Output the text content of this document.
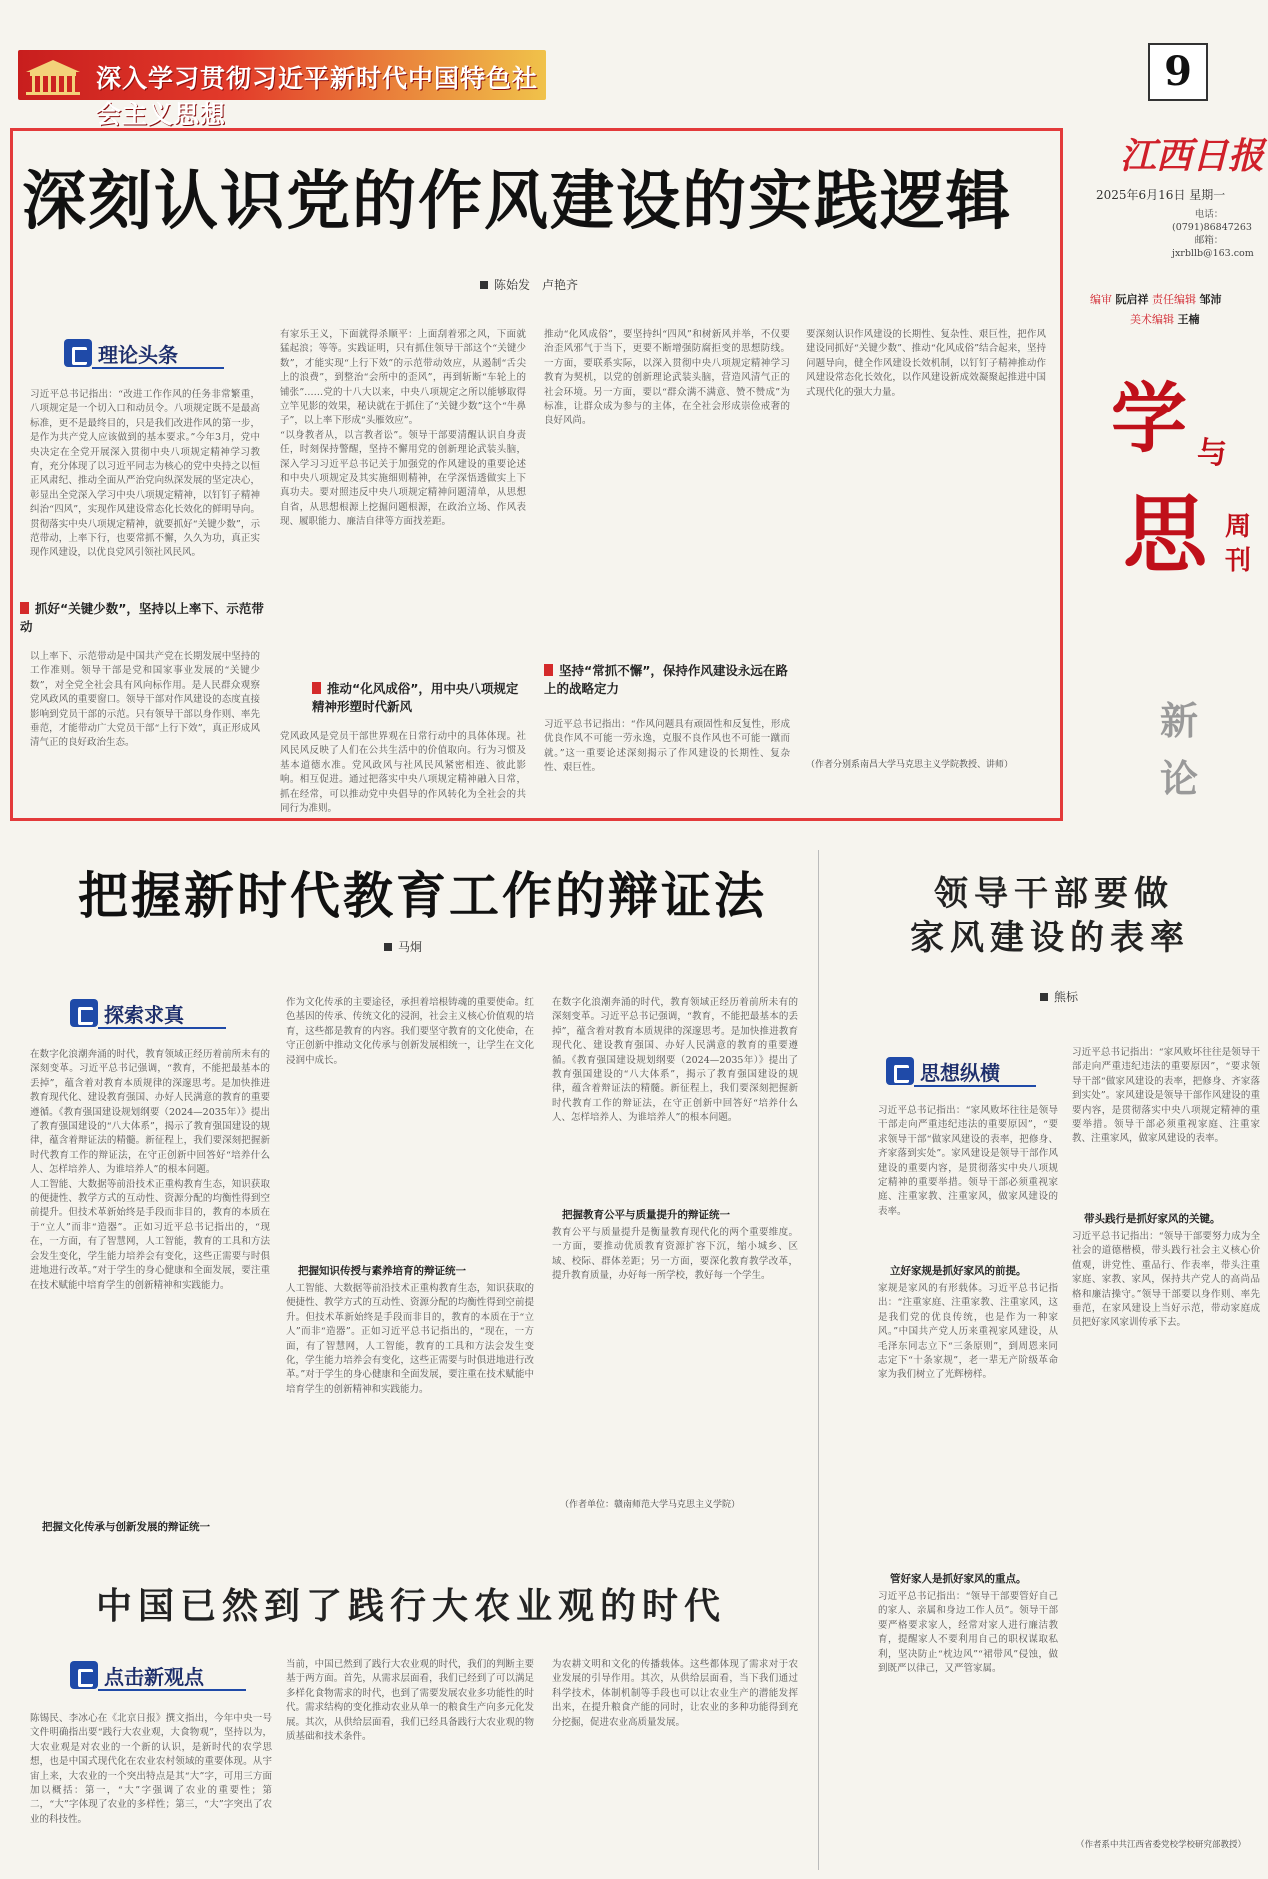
深入学习贯彻习近平新时代中国特色社会主义思想
9
江西日报
2025年6月16日 星期一
电话：
(0791)86847263
邮箱：
jxrbllb@163.com
编审 阮启祥 责任编辑 邹沛
美术编辑 王楠
学 与
思 周
刊
新
论
深刻认识党的作风建设的实践逻辑
陈始发　卢艳齐
理论头条
习近平总书记指出：“改进工作作风的任务非常繁重，八项规定是一个切入口和动员令。八项规定既不是最高标准，更不是最终目的，只是我们改进作风的第一步，是作为共产党人应该做到的基本要求。”今年3月，党中央决定在全党开展深入贯彻中央八项规定精神学习教育，充分体现了以习近平同志为核心的党中央持之以恒正风肃纪、推动全面从严治党向纵深发展的坚定决心，彰显出全党深入学习中央八项规定精神，以钉钉子精神纠治“四风”，实现作风建设常态化长效化的鲜明导向。贯彻落实中央八项规定精神，就要抓好“关键少数”，示范带动，上率下行，也要常抓不懈，久久为功，真正实现作风建设，以优良党风引领社风民风。
抓好“关键少数”，坚持以上率下、示范带动
以上率下、示范带动是中国共产党在长期发展中坚持的工作准则。领导干部是党和国家事业发展的“关键少数”，对全党全社会具有风向标作用。是人民群众观察党风政风的重要窗口。领导干部对作风建设的态度直接影响到党员干部的示范。只有领导干部以身作则、率先垂范，才能带动广大党员干部“上行下效”，真正形成风清气正的良好政治生态。
有家乐王义，下面就得杀顺平：上面刮着邪之风，下面就猛起浪；等等。实践证明，只有抓住领导干部这个“关键少数”，才能实现“上行下效”的示范带动效应，从遏制“舌尖上的浪费”，到整治“会所中的歪风”，再到斩断“车轮上的铺张”……党的十八大以来，中央八项规定之所以能够取得立竿见影的效果，秘诀就在于抓住了“关键少数”这个“牛鼻子”，以上率下形成“头雁效应”。
“以身教者从，以言教者讼”。领导干部要清醒认识自身责任，时刻保持警醒，坚持不懈用党的创新理论武装头脑，深入学习习近平总书记关于加强党的作风建设的重要论述和中央八项规定及其实施细则精神，在学深悟透做实上下真功夫。要对照违反中央八项规定精神问题清单，从思想自省，从思想根源上挖掘问题根源，在政治立场、作风表现、履职能力、廉洁自律等方面找差距。
推动“化风成俗”，用中央八项规定精神形塑时代新风
党风政风是党员干部世界观在日常行动中的具体体现。社风民风反映了人们在公共生活中的价值取向。行为习惯及基本道德水准。党风政风与社风民风紧密相连、彼此影响。相互促进。通过把落实中央八项规定精神融入日常，抓在经常，可以推动党中央倡导的作风转化为全社会的共同行为准则。
推动“化风成俗”，要坚持纠“四风”和树新风并举，不仅要治歪风邪气于当下，更要不断增强防腐拒变的思想防线。一方面，要联系实际，以深入贯彻中央八项规定精神学习教育为契机，以党的创新理论武装头脑，营造风清气正的社会环境。另一方面，要以“群众满不满意、赞不赞成”为标准，让群众成为参与的主体，在全社会形成崇俭戒奢的良好风尚。
坚持“常抓不懈”，保持作风建设永远在路上的战略定力
习近平总书记指出：“作风问题具有顽固性和反复性，形成优良作风不可能一劳永逸，克服不良作风也不可能一蹴而就。”这一重要论述深刻揭示了作风建设的长期性、复杂性、艰巨性。
要深刻认识作风建设的长期性、复杂性、艰巨性，把作风建设同抓好“关键少数”、推动“化风成俗”结合起来，坚持问题导向，健全作风建设长效机制，以钉钉子精神推动作风建设常态化长效化，以作风建设新成效凝聚起推进中国式现代化的强大力量。
（作者分别系南昌大学马克思主义学院教授、讲师）
把握新时代教育工作的辩证法
马炯
探索求真
在数字化浪潮奔涌的时代，教育领域正经历着前所未有的深刻变革。习近平总书记强调，“教育，不能把最基本的丢掉”，蕴含着对教育本质规律的深邃思考。是加快推进教育现代化、建设教育强国、办好人民满意的教育的重要遵循。《教育强国建设规划纲要（2024—2035年）》提出了教育强国建设的“八大体系”，揭示了教育强国建设的规律，蕴含着辩证法的精髓。新征程上，我们要深刻把握新时代教育工作的辩证法，在守正创新中回答好“培养什么人、怎样培养人、为谁培养人”的根本问题。
人工智能、大数据等前沿技术正重构教育生态，知识获取的便捷性、教学方式的互动性、资源分配的均衡性得到空前提升。但技术革新始终是手段而非目的，教育的本质在于“立人”而非“造器”。正如习近平总书记指出的，“现在，一方面，有了智慧网，人工智能，教育的工具和方法会发生变化，学生能力培养会有变化，这些正需要与时俱进地进行改革。”对于学生的身心健康和全面发展，要注重在技术赋能中培育学生的创新精神和实践能力。
把握文化传承与创新发展的辩证统一
作为文化传承的主要途径，承担着培根铸魂的重要使命。红色基因的传承、传统文化的浸润，社会主义核心价值观的培育，这些都是教育的内容。我们要坚守教育的文化使命，在守正创新中推动文化传承与创新发展相统一，让学生在文化浸润中成长。
把握知识传授与素养培育的辩证统一
人工智能、大数据等前沿技术正重构教育生态，知识获取的便捷性、教学方式的互动性、资源分配的均衡性得到空前提升。但技术革新始终是手段而非目的，教育的本质在于“立人”而非“造器”。正如习近平总书记指出的，“现在，一方面，有了智慧网，人工智能，教育的工具和方法会发生变化，学生能力培养会有变化，这些正需要与时俱进地进行改革。”对于学生的身心健康和全面发展，要注重在技术赋能中培育学生的创新精神和实践能力。
在数字化浪潮奔涌的时代，教育领域正经历着前所未有的深刻变革。习近平总书记强调，“教育，不能把最基本的丢掉”，蕴含着对教育本质规律的深邃思考。是加快推进教育现代化、建设教育强国、办好人民满意的教育的重要遵循。《教育强国建设规划纲要（2024—2035年）》提出了教育强国建设的“八大体系”，揭示了教育强国建设的规律，蕴含着辩证法的精髓。新征程上，我们要深刻把握新时代教育工作的辩证法，在守正创新中回答好“培养什么人、怎样培养人、为谁培养人”的根本问题。
把握教育公平与质量提升的辩证统一
教育公平与质量提升是衡量教育现代化的两个重要维度。一方面，要推动优质教育资源扩容下沉，缩小城乡、区域、校际、群体差距；另一方面，要深化教育教学改革，提升教育质量，办好每一所学校，教好每一个学生。
（作者单位：赣南师范大学马克思主义学院）
领导干部要做
家风建设的表率
熊标
思想纵横
习近平总书记指出：“家风败坏往往是领导干部走向严重违纪违法的重要原因”，“要求领导干部“做家风建设的表率，把修身、齐家落到实处”。家风建设是领导干部作风建设的重要内容，是贯彻落实中央八项规定精神的重要举措。领导干部必须重视家庭、注重家教、注重家风，做家风建设的表率。
立好家规是抓好家风的前提。
家规是家风的有形载体。习近平总书记指出：“注重家庭、注重家教、注重家风，这是我们党的优良传统，也是作为一种家风。”中国共产党人历来重视家风建设，从毛泽东同志立下“三条原则”，到周恩来同志定下“十条家规”，老一辈无产阶级革命家为我们树立了光辉榜样。
管好家人是抓好家风的重点。
习近平总书记指出：“领导干部要管好自己的家人、亲属和身边工作人员”。领导干部要严格要求家人，经常对家人进行廉洁教育，提醒家人不要利用自己的职权谋取私利，坚决防止“枕边风”“裙带风”侵蚀，做到既严以律己，又严管家属。
习近平总书记指出：“家风败坏往往是领导干部走向严重违纪违法的重要原因”，“要求领导干部“做家风建设的表率，把修身、齐家落到实处”。家风建设是领导干部作风建设的重要内容，是贯彻落实中央八项规定精神的重要举措。领导干部必须重视家庭、注重家教、注重家风，做家风建设的表率。
带头践行是抓好家风的关键。
习近平总书记指出：“领导干部要努力成为全社会的道德楷模，带头践行社会主义核心价值观，讲党性、重品行、作表率，带头注重家庭、家教、家风，保持共产党人的高尚品格和廉洁操守。”领导干部要以身作则、率先垂范，在家风建设上当好示范，带动家庭成员把好家风家训传承下去。
（作者系中共江西省委党校学校研究部教授）
中国已然到了践行大农业观的时代
点击新观点
陈锡民、李冰心在《北京日报》撰文指出，今年中央一号文件明确指出要“践行大农业观，大食物观”，坚持以为，大农业观是对农业的一个新的认识，是新时代的农学思想，也是中国式现代化在农业农村领域的重要体现。从宇宙上来，大农业的一个突出特点是其“大”字，可用三方面加以概括：第一，“大”字强调了农业的重要性；第二，“大”字体现了农业的多样性；第三，“大”字突出了农业的科技性。
当前，中国已然到了践行大农业观的时代，我们的判断主要基于两方面。首先，从需求层面看，我们已经到了可以满足多样化食物需求的时代，也到了需要发展农业多功能性的时代。需求结构的变化推动农业从单一的粮食生产向多元化发展。其次，从供给层面看，我们已经具备践行大农业观的物质基础和技术条件。
为农耕文明和文化的传播载体。这些都体现了需求对于农业发展的引导作用。其次，从供给层面看，当下我们通过科学技术，体制机制等手段也可以让农业生产的潜能发挥出来，在提升粮食产能的同时，让农业的多种功能得到充分挖掘，促进农业高质量发展。
